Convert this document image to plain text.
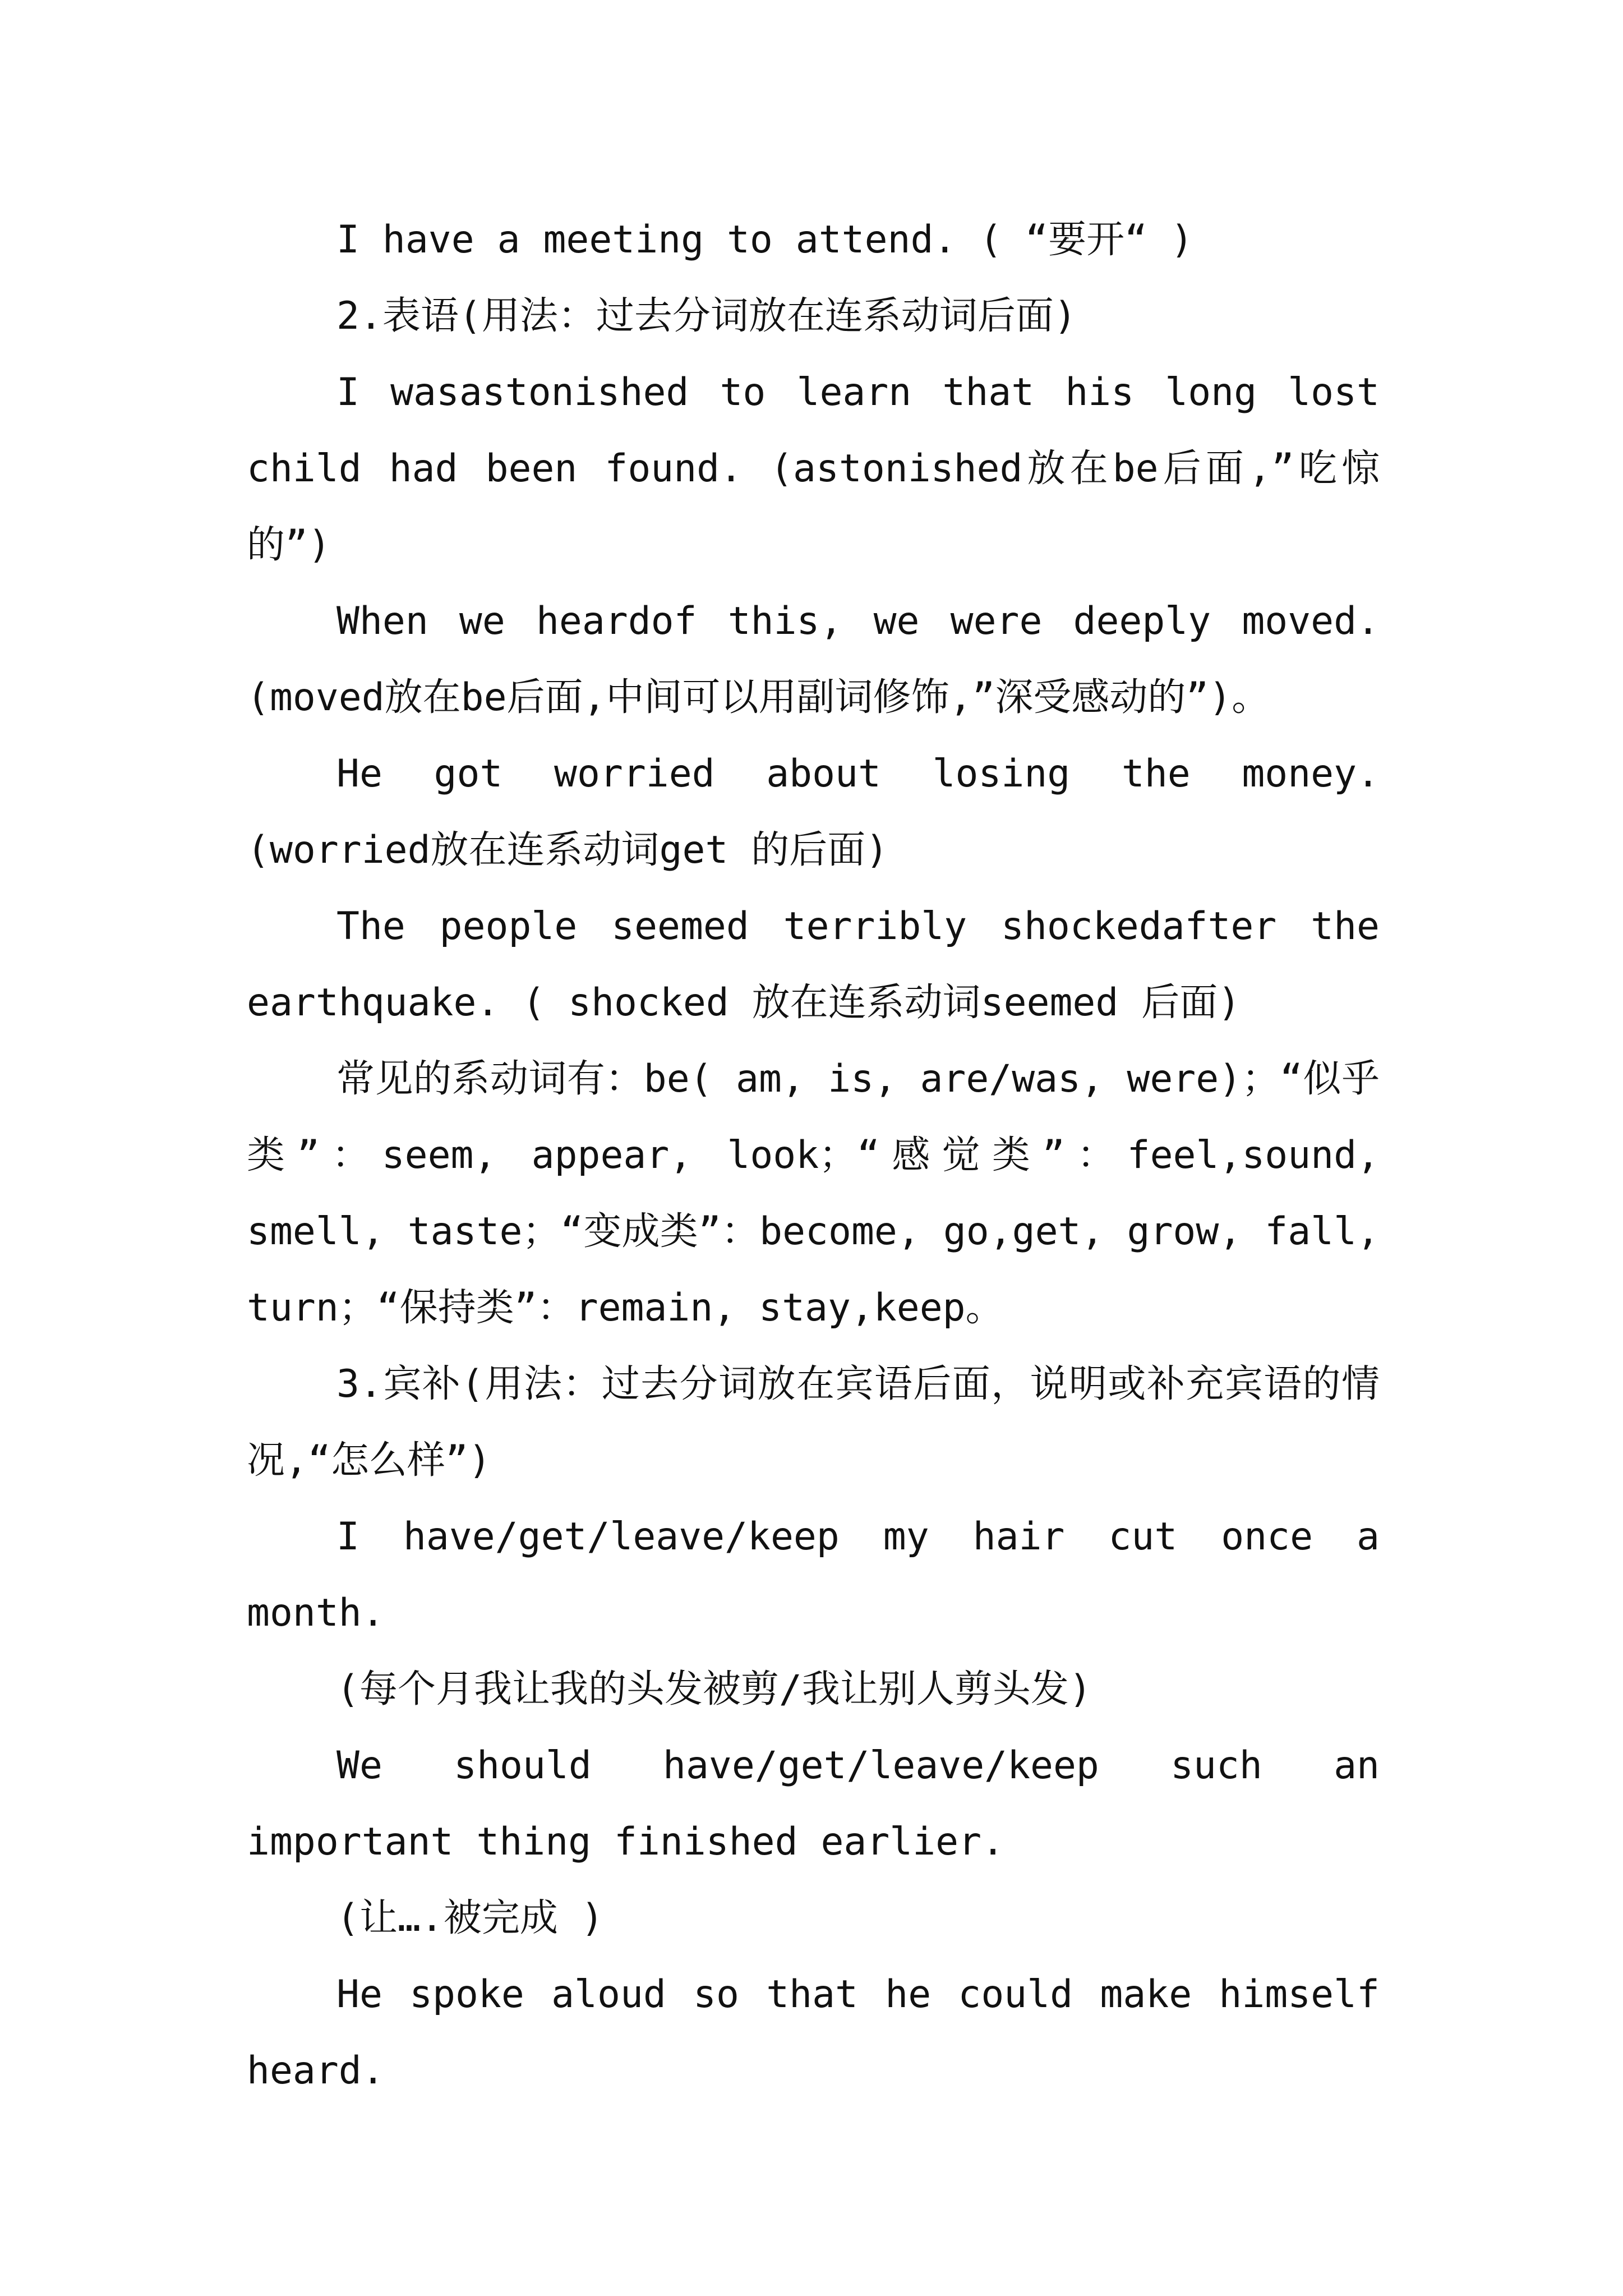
I have a meeting to attend. ( “要开“ )

2.表语(用法：过去分词放在连系动词后面)

I wasastonished to learn that his long lost child had been found. (astonished放在be后面,”吃惊的”)

When we heardof this, we were deeply moved. (moved放在be后面,中间可以用副词修饰,”深受感动的”)。

He got worried about losing the money.(worried放在连系动词get 的后面)

The people seemed terribly shockedafter the earthquake. ( shocked 放在连系动词seemed 后面)

常见的系动词有：be( am, is, are/was, were)；“似乎类”：seem, appear, look；“感觉类”：feel,sound, smell, taste；“变成类”：become, go,get, grow, fall, turn；“保持类”：remain, stay,keep。

3.宾补(用法：过去分词放在宾语后面，说明或补充宾语的情况,“怎么样”)

I have/get/leave/keep my hair cut once a month.

(每个月我让我的头发被剪/我让别人剪头发)

We should have/get/leave/keep such an important thing finished earlier.

(让….被完成 )

He spoke aloud so that he could make himself heard.
